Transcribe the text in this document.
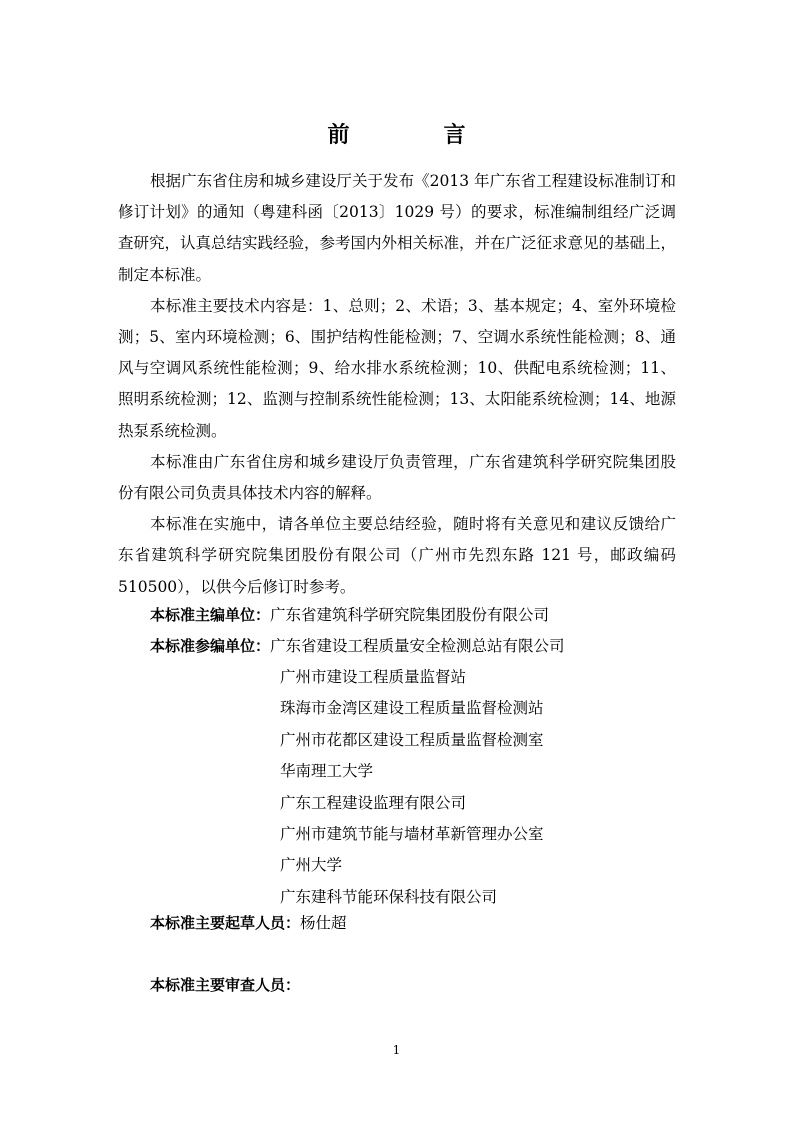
前　言

根据广东省住房和城乡建设厅关于发布《2013 年广东省工程建设标准制订和修订计划》的通知（粤建科函〔2013〕1029 号）的要求，标准编制组经广泛调查研究，认真总结实践经验，参考国内外相关标准，并在广泛征求意见的基础上，制定本标准。

本标准主要技术内容是：1、总则；2、术语；3、基本规定；4、室外环境检测；5、室内环境检测；6、围护结构性能检测；7、空调水系统性能检测；8、通风与空调风系统性能检测；9、给水排水系统检测；10、供配电系统检测；11、照明系统检测；12、监测与控制系统性能检测；13、太阳能系统检测；14、地源热泵系统检测。

本标准由广东省住房和城乡建设厅负责管理，广东省建筑科学研究院集团股份有限公司负责具体技术内容的解释。

本标准在实施中，请各单位主要总结经验，随时将有关意见和建议反馈给广东省建筑科学研究院集团股份有限公司（广州市先烈东路 121 号，邮政编码 510500），以供今后修订时参考。

本标准主编单位： 广东省建筑科学研究院集团股份有限公司
本标准参编单位： 广东省建设工程质量安全检测总站有限公司
广州市建设工程质量监督站
珠海市金湾区建设工程质量监督检测站
广州市花都区建设工程质量监督检测室
华南理工大学
广东工程建设监理有限公司
广州市建筑节能与墙材革新管理办公室
广州大学
广东建科节能环保科技有限公司
本标准主要起草人员：杨仕超
本标准主要审查人员：
1
